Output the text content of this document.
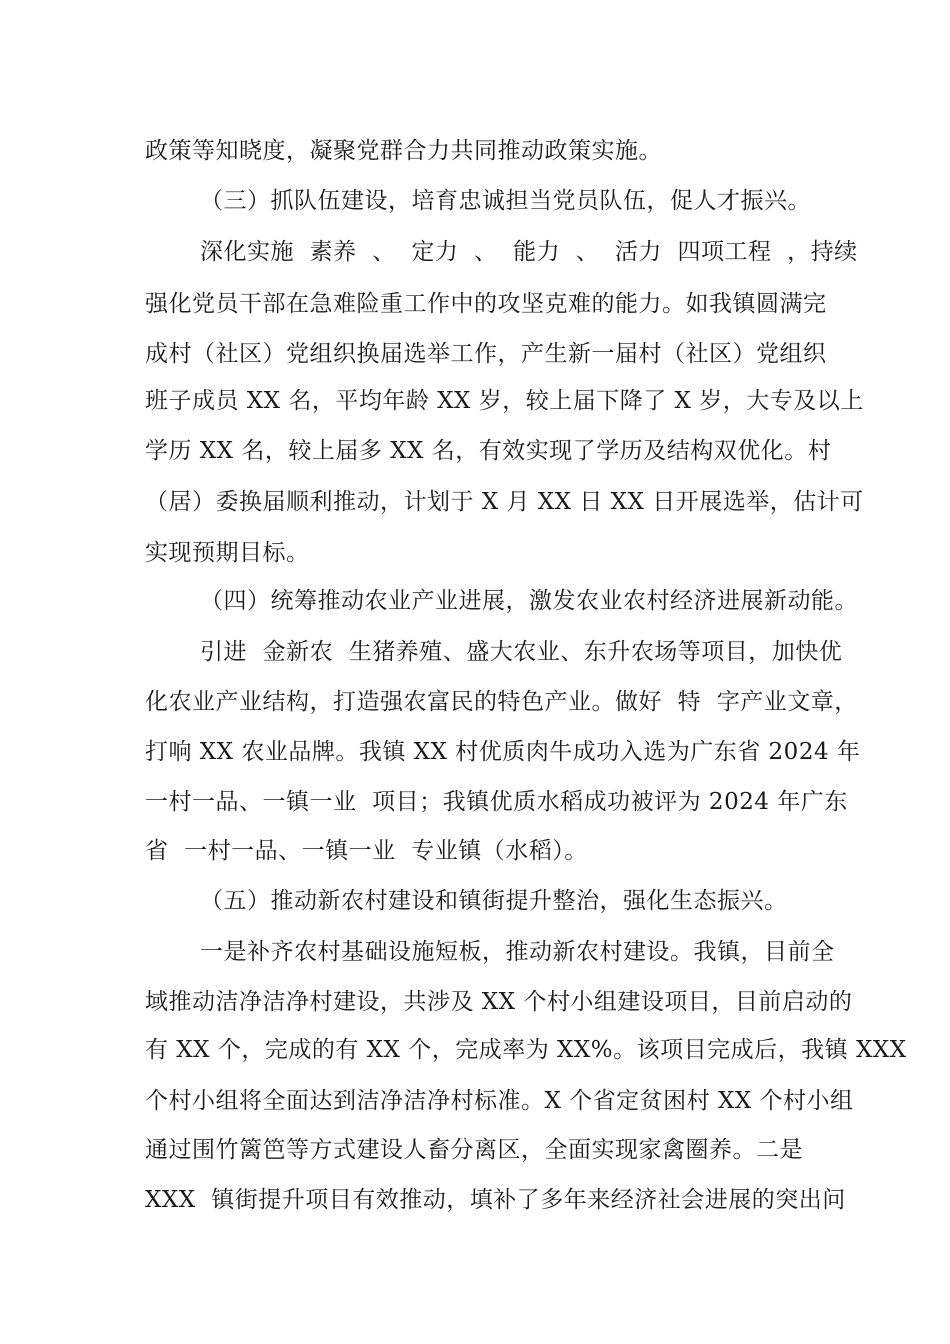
政策等知晓度，凝聚党群合力共同推动政策实施。
（三）抓队伍建设，培育忠诚担当党员队伍，促人才振兴。
深化实施  素养  、  定力  、  能力  、  活力  四项工程  ，持续
强化党员干部在急难险重工作中的攻坚克难的能力。如我镇圆满完
成村（社区）党组织换届选举工作，产生新一届村（社区）党组织
班子成员 XX 名，平均年龄 XX 岁，较上届下降了 X 岁，大专及以上
学历 XX 名，较上届多 XX 名，有效实现了学历及结构双优化。村
（居）委换届顺利推动，计划于 X 月 XX 日 XX 日开展选举，估计可
实现预期目标。
（四）统筹推动农业产业进展，激发农业农村经济进展新动能。
引进  金新农  生猪养殖、盛大农业、东升农场等项目，加快优
化农业产业结构，打造强农富民的特色产业。做好  特  字产业文章，
打响 XX 农业品牌。我镇 XX 村优质肉牛成功入选为广东省 2024 年
一村一品、一镇一业  项目；我镇优质水稻成功被评为 2024 年广东
省  一村一品、一镇一业  专业镇（水稻）。
（五）推动新农村建设和镇街提升整治，强化生态振兴。
一是补齐农村基础设施短板，推动新农村建设。我镇，目前全
域推动洁净洁净村建设，共涉及 XX 个村小组建设项目，目前启动的
有 XX 个，完成的有 XX 个，完成率为 XX%。该项目完成后，我镇 XXX
个村小组将全面达到洁净洁净村标准。X 个省定贫困村 XX 个村小组
通过围竹篱笆等方式建设人畜分离区，全面实现家禽圈养。二是
XXX  镇街提升项目有效推动，填补了多年来经济社会进展的突出问
